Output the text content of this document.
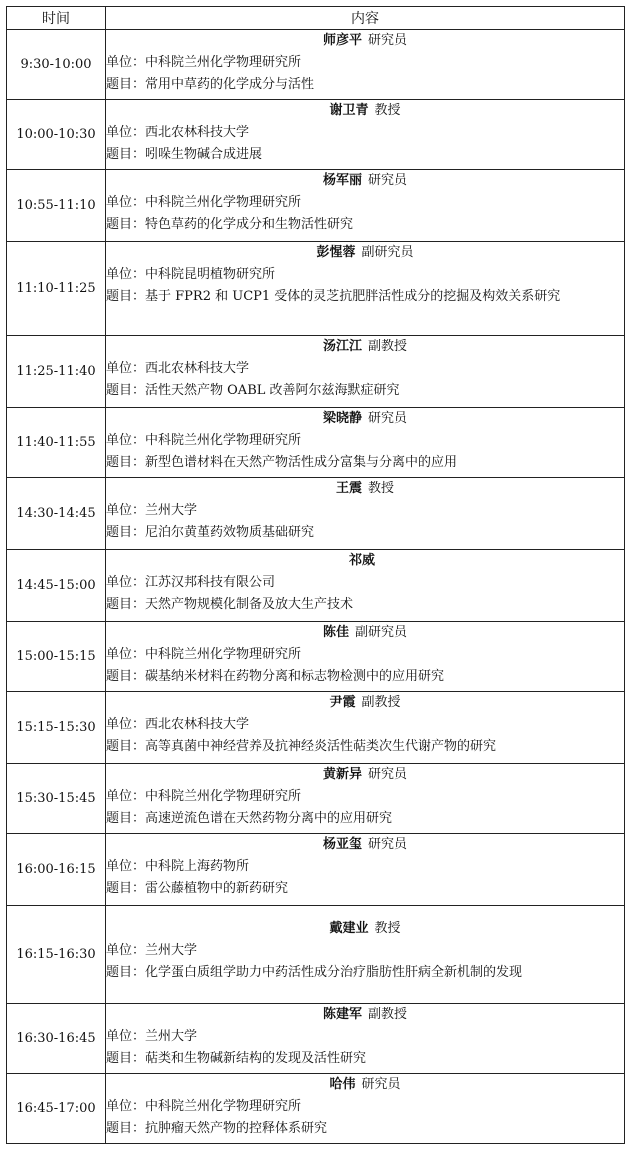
时间	内容
9:30-10:00	师彦平 研究员
单位：中科院兰州化学物理研究所
题目：常用中草药的化学成分与活性

10:00-10:30	谢卫青 教授
单位：西北农林科技大学
题目：吲哚生物碱合成进展

10:55-11:10	杨军丽 研究员
单位：中科院兰州化学物理研究所
题目：特色草药的化学成分和生物活性研究

11:10-11:25	彭惺蓉 副研究员
单位：中科院昆明植物研究所
题目：基于 FPR2 和 UCP1 受体的灵芝抗肥胖活性成分的挖掘及构效关系研究

11:25-11:40	汤江江 副教授
单位：西北农林科技大学
题目：活性天然产物 OABL 改善阿尔兹海默症研究

11:40-11:55	梁晓静 研究员
单位：中科院兰州化学物理研究所
题目：新型色谱材料在天然产物活性成分富集与分离中的应用

14:30-14:45	王震 教授
单位：兰州大学
题目：尼泊尔黄堇药效物质基础研究

14:45-15:00	祁威
单位：江苏汉邦科技有限公司
题目：天然产物规模化制备及放大生产技术

15:00-15:15	陈佳 副研究员
单位：中科院兰州化学物理研究所
题目：碳基纳米材料在药物分离和标志物检测中的应用研究

15:15-15:30	尹霞 副教授
单位：西北农林科技大学
题目：高等真菌中神经营养及抗神经炎活性萜类次生代谢产物的研究

15:30-15:45	黄新异 研究员
单位：中科院兰州化学物理研究所
题目：高速逆流色谱在天然药物分离中的应用研究

16:00-16:15	杨亚玺 研究员
单位：中科院上海药物所
题目：雷公藤植物中的新药研究

16:15-16:30	戴建业 教授
单位：兰州大学
题目：化学蛋白质组学助力中药活性成分治疗脂肪性肝病全新机制的发现

16:30-16:45	陈建军 副教授
单位：兰州大学
题目：萜类和生物碱新结构的发现及活性研究

16:45-17:00	哈伟 研究员
单位：中科院兰州化学物理研究所
题目：抗肿瘤天然产物的控释体系研究
